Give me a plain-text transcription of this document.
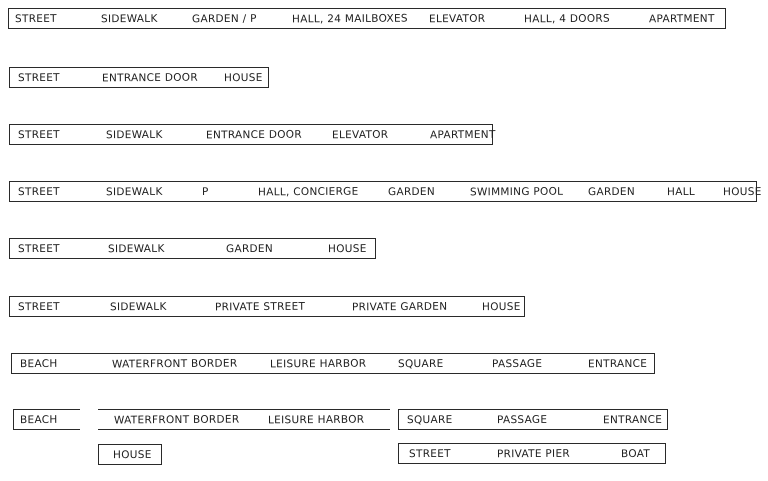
STREET	SIDEWALK	GARDEN / P	HALL, 24 MAILBOXES ELEVATOR	HALL, 4 DOORS	APARTMENT
STREET	ENTRANCE DOOR HOUSE
STREET	SIDEWALK	ENTRANCE DOOR	ELEVATOR	APARTMENT
STREET	SIDEWALK	P	HALL, CONCIERGE	GARDEN	SWIMMING POOL GARDEN	HALL	HOUSE
STREET	SIDEWALK	GARDEN	HOUSE
STREET	SIDEWALK	PRIVATE STREET	PRIVATE GARDEN	HOUSE
BEACH	WATERFRONT BORDER	LEISURE HARBOR	SQUARE	PASSAGE	ENTRANCE
BEACH	WATERFRONT BORDER	LEISURE HARBOR	SQUARE	PASSAGE	ENTRANCE
HOUSE	STREET	PRIVATE PIER	BOAT
